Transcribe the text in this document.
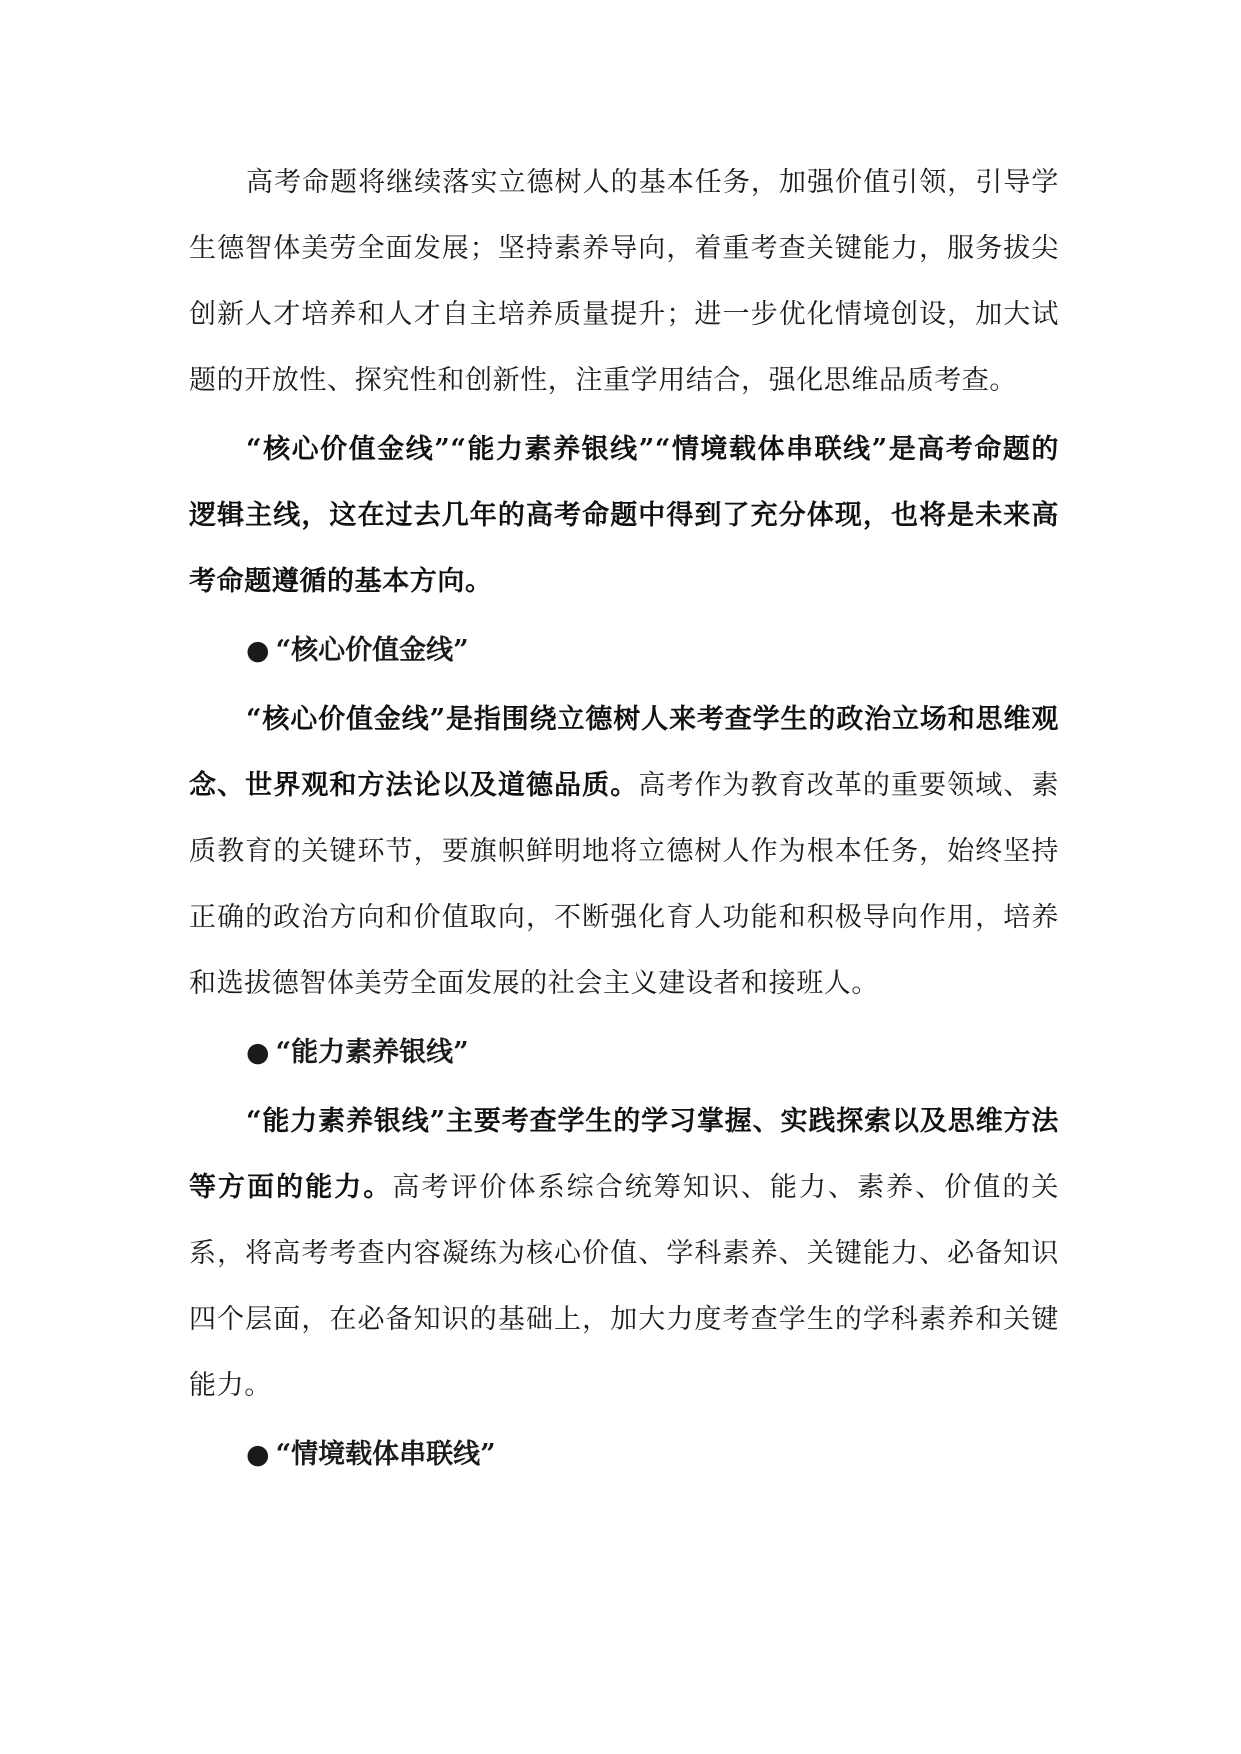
高考命题将继续落实立德树人的基本任务，加强价值引领，引导学生德智体美劳全面发展；坚持素养导向，着重考查关键能力，服务拔尖创新人才培养和人才自主培养质量提升；进一步优化情境创设，加大试题的开放性、探究性和创新性，注重学用结合，强化思维品质考查。

“核心价值金线”“能力素养银线”“情境载体串联线”是高考命题的逻辑主线，这在过去几年的高考命题中得到了充分体现，也将是未来高考命题遵循的基本方向。

● “核心价值金线”

“核心价值金线”是指围绕立德树人来考查学生的政治立场和思维观念、世界观和方法论以及道德品质。高考作为教育改革的重要领域、素质教育的关键环节，要旗帜鲜明地将立德树人作为根本任务，始终坚持正确的政治方向和价值取向，不断强化育人功能和积极导向作用，培养和选拔德智体美劳全面发展的社会主义建设者和接班人。

● “能力素养银线”

“能力素养银线”主要考查学生的学习掌握、实践探索以及思维方法等方面的能力。高考评价体系综合统筹知识、能力、素养、价值的关系，将高考考查内容凝练为核心价值、学科素养、关键能力、必备知识四个层面，在必备知识的基础上，加大力度考查学生的学科素养和关键能力。

● “情境载体串联线”
